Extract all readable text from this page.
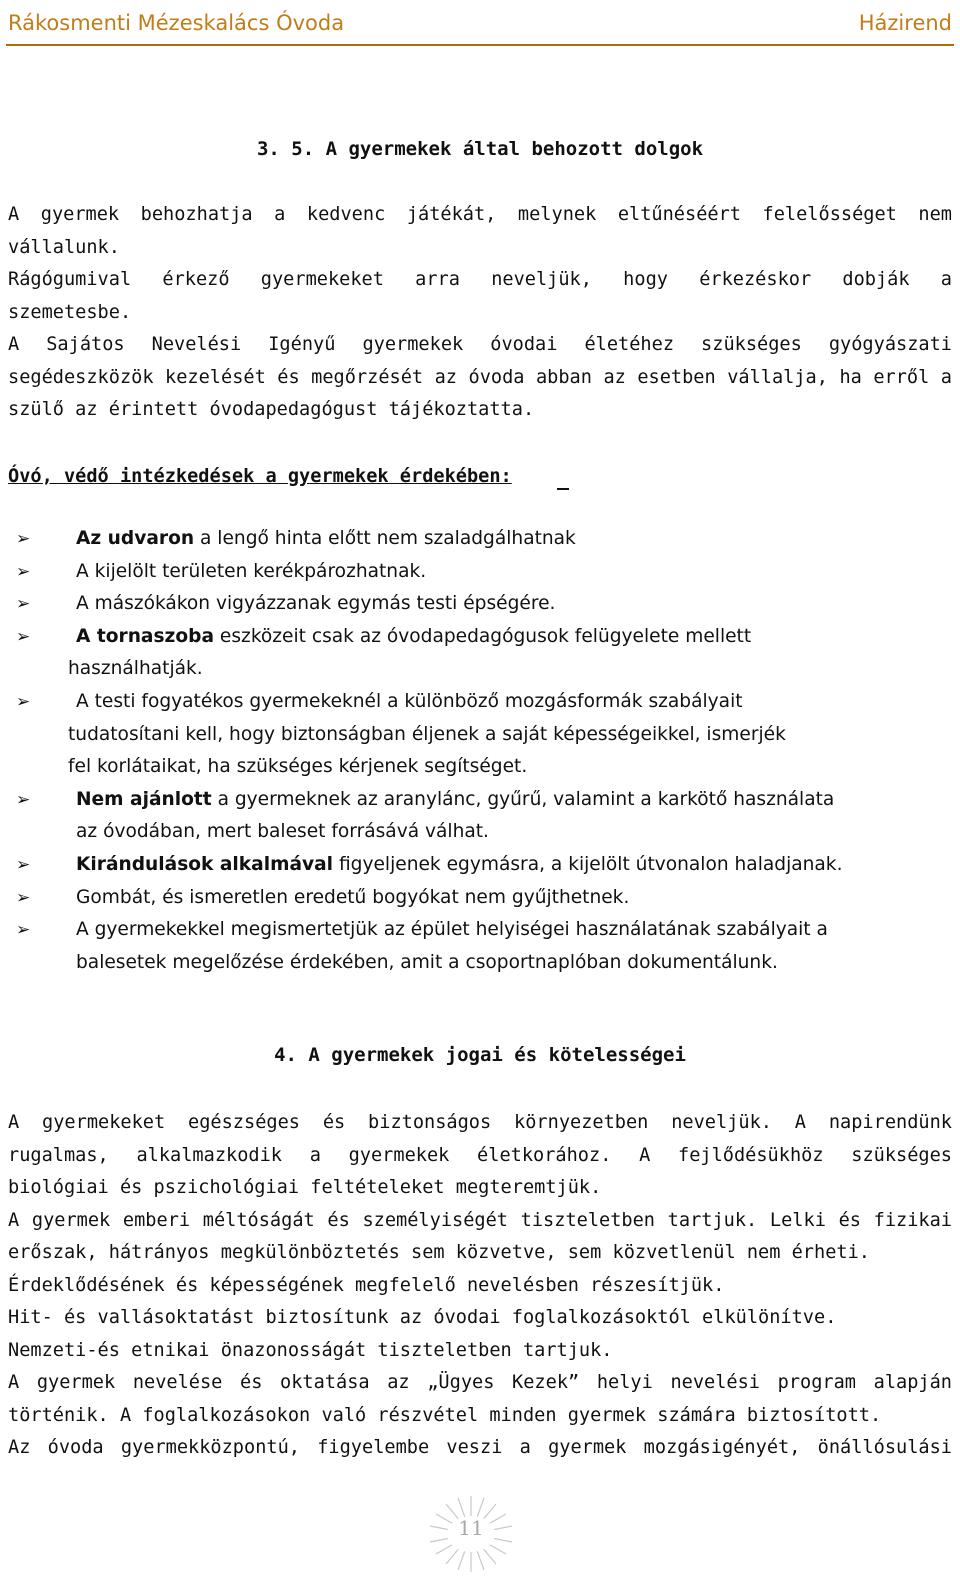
Rákosmenti Mézeskalács Óvoda	Házirend
3. 5. A gyermekek által behozott dolgok
A gyermek behozhatja a kedvenc játékát, melynek eltűnéséért felelősséget nem
vállalunk.
Rágógumival érkező gyermekeket arra neveljük, hogy érkezéskor dobják a
szemetesbe.
A Sajátos Nevelési Igényű gyermekek óvodai életéhez szükséges gyógyászati
segédeszközök kezelését és megőrzését az óvoda abban az esetben vállalja, ha erről a
szülő az érintett óvodapedagógust tájékoztatta.
Óvó, védő intézkedések a gyermekek érdekében:
➢ Az udvaron a lengő hinta előtt nem szaladgálhatnak
➢ A kijelölt területen kerékpározhatnak.
➢ A mászókákon vigyázzanak egymás testi épségére.
➢ A tornaszoba eszközeit csak az óvodapedagógusok felügyelete mellett
használhatják.
➢ A testi fogyatékos gyermekeknél a különböző mozgásformák szabályait
tudatosítani kell, hogy biztonságban éljenek a saját képességeikkel, ismerjék
fel korlátaikat, ha szükséges kérjenek segítséget.
➢ Nem ajánlott a gyermeknek az aranylánc, gyűrű, valamint a karkötő használata
az óvodában, mert baleset forrásává válhat.
➢ Kirándulások alkalmával figyeljenek egymásra, a kijelölt útvonalon haladjanak.
➢ Gombát, és ismeretlen eredetű bogyókat nem gyűjthetnek.
➢ A gyermekekkel megismertetjük az épület helyiségei használatának szabályait a
balesetek megelőzése érdekében, amit a csoportnaplóban dokumentálunk.
4. A gyermekek jogai és kötelességei
A gyermekeket egészséges és biztonságos környezetben neveljük. A napirendünk
rugalmas, alkalmazkodik a gyermekek életkorához. A fejlődésükhöz szükséges
biológiai és pszichológiai feltételeket megteremtjük.
A gyermek emberi méltóságát és személyiségét tiszteletben tartjuk. Lelki és fizikai
erőszak, hátrányos megkülönböztetés sem közvetve, sem közvetlenül nem érheti.
Érdeklődésének és képességének megfelelő nevelésben részesítjük.
Hit- és vallásoktatást biztosítunk az óvodai foglalkozásoktól elkülönítve.
Nemzeti-és etnikai önazonosságát tiszteletben tartjuk.
A gyermek nevelése és oktatása az „Ügyes Kezek” helyi nevelési program alapján
történik. A foglalkozásokon való részvétel minden gyermek számára biztosított.
Az óvoda gyermekközpontú, figyelembe veszi a gyermek mozgásigényét, önállósulási
11
